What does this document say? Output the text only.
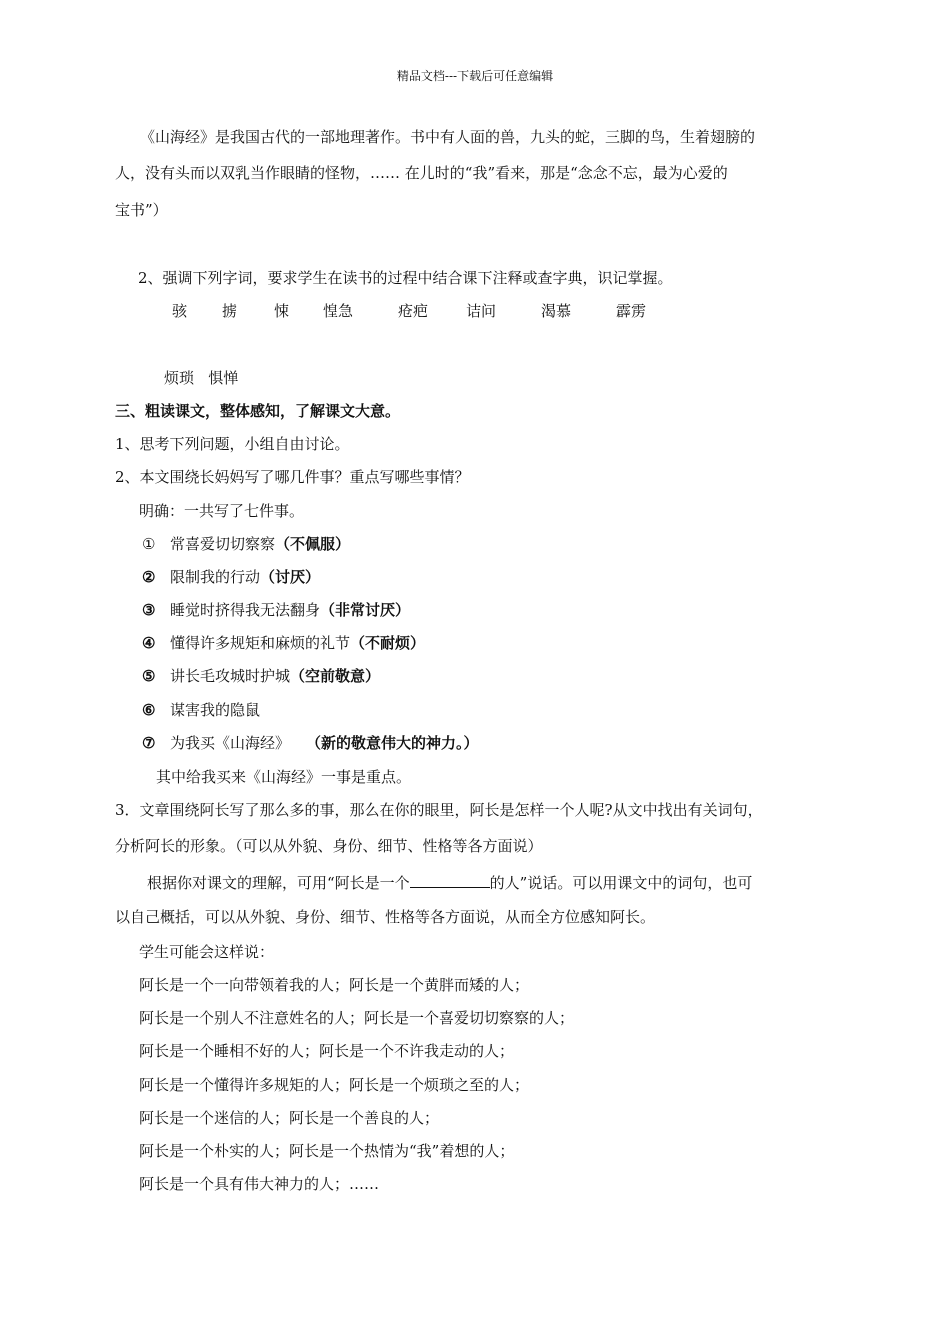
精品文档---下载后可任意编辑
《山海经》是我国古代的一部地理著作。书中有人面的兽，九头的蛇，三脚的鸟，生着翅膀的
人，没有头而以双乳当作眼睛的怪物，…… 在儿时的“我”看来，那是“念念不忘，最为心爱的
宝书”）
2、强调下列字词，要求学生在读书的过程中结合课下注释或查字典，识记掌握。
骇 掳 悚 惶急	疮疤	诘问	渴慕	霹雳
烦琐   惧惮
三、粗读课文，整体感知，了解课文大意。
1、思考下列问题，小组自由讨论。
2、本文围绕长妈妈写了哪几件事？重点写哪些事情？
明确：一共写了七件事。
① 常喜爱切切察察（不佩服）
② 限制我的行动（讨厌）
③ 睡觉时挤得我无法翻身（非常讨厌）
④ 懂得许多规矩和麻烦的礼节（不耐烦）
⑤ 讲长毛攻城时护城（空前敬意）
⑥ 谋害我的隐鼠
⑦ 为我买《山海经》 （新的敬意伟大的神力。）
其中给我买来《山海经》一事是重点。
3．文章围绕阿长写了那么多的事，那么在你的眼里，阿长是怎样一个人呢?从文中找出有关词句，
分析阿长的形象。（可以从外貌、身份、细节、性格等各方面说）
根据你对课文的理解，可用“阿长是一个	的人”说话。可以用课文中的词句，也可
以自己概括，可以从外貌、身份、细节、性格等各方面说，从而全方位感知阿长。
学生可能会这样说：
阿长是一个一向带领着我的人；阿长是一个黄胖而矮的人；
阿长是一个别人不注意姓名的人；阿长是一个喜爱切切察察的人；
阿长是一个睡相不好的人；阿长是一个不许我走动的人；
阿长是一个懂得许多规矩的人；阿长是一个烦琐之至的人；
阿长是一个迷信的人；阿长是一个善良的人；
阿长是一个朴实的人；阿长是一个热情为“我”着想的人；
阿长是一个具有伟大神力的人；……
